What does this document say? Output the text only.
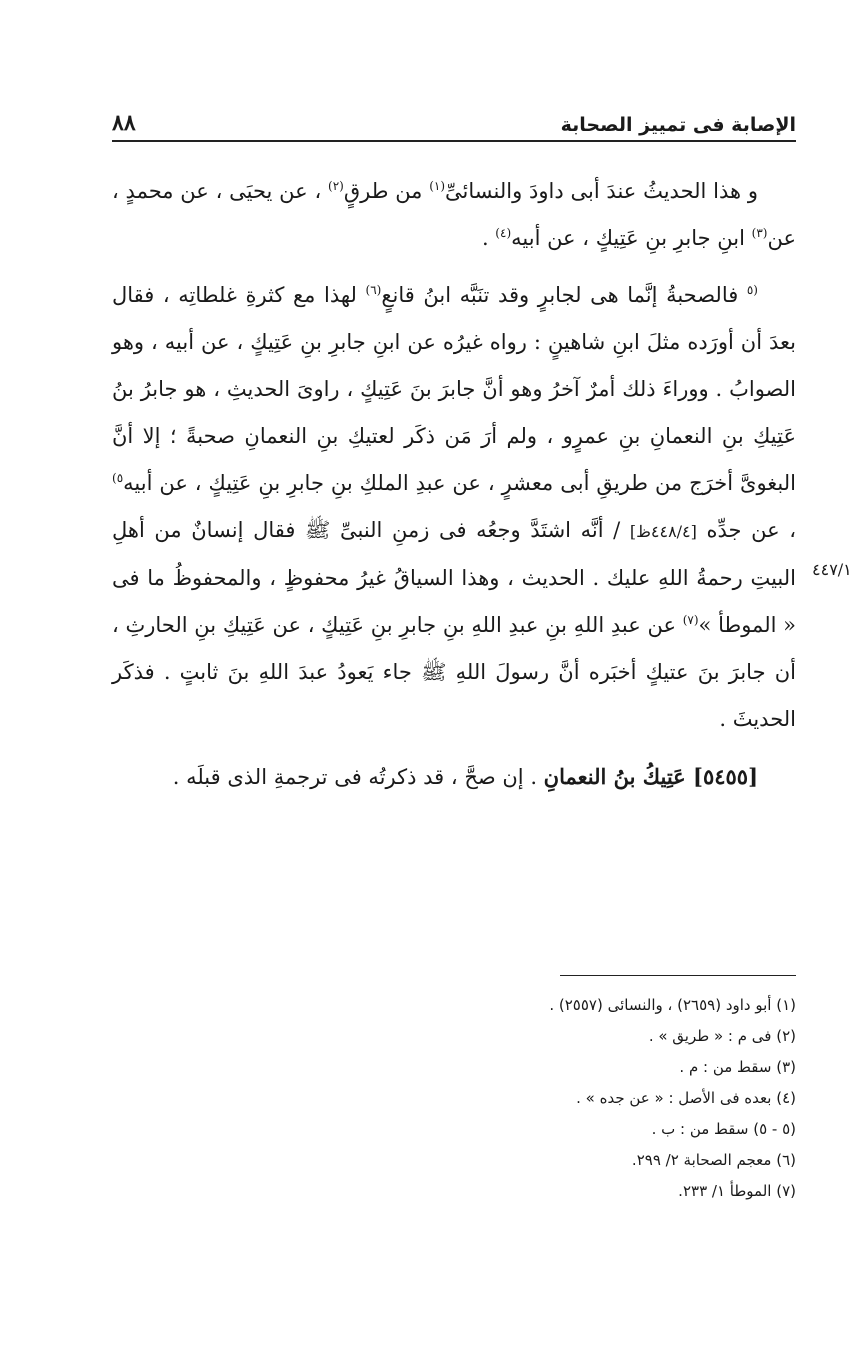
الإصابة فى تمييز الصحابة
٨٨

و هذا الحديثُ عندَ أبى داودَ والنسائىِّ$^{(١)}$ من طرقٍ$^{(٢)}$ ، عن يحيَى ، عن محمدٍ ، عن$^{(٣)}$ ابنِ جابرِ بنِ عَتِيكٍ ، عن أبيه$^{(٤)}$ .

$^{(٥}$ فالصحبةُ إنَّما هى لجابرٍ وقد تنَبَّه ابنُ قانعٍ$^{(٦)}$ لهذا مع كثرةِ غلطاتِه ، فقال بعدَ أن أورَده مثلَ ابنِ شاهينٍ : رواه غيرُه عن ابنِ جابرِ بنِ عَتِيكٍ ، عن أبيه ، وهو الصوابُ . ووراءَ ذلك أمرٌ آخرُ وهو أنَّ جابرَ بنَ عَتِيكٍ ، راوىَ الحديثِ ، هو جابرُ بنُ عَتِيكِ بنِ النعمانِ بنِ عمرٍو ، ولم أرَ مَن ذكَر لعتيكِ بنِ النعمانِ صحبةً ؛ إلا أنَّ البغوىَّ أخرَج من طريقِ أبى معشرٍ ، عن عبدِ الملكِ بنِ جابرِ بنِ عَتِيكٍ ، عن أبيه$^{٥)}$ ، عن جدِّه [٤٤٨/٤ظ] / أنَّه اشتَدَّ وجعُه فى زمنِ النبىِّ ﷺ فقال إنسانٌ من أهلِ البيتِ رحمةُ اللهِ عليك . الحديث ، وهذا السياقُ غيرُ محفوظٍ ، والمحفوظُ ما فى « الموطأ »$^{(٧)}$ عن عبدِ اللهِ بنِ عبدِ اللهِ بنِ جابرِ بنِ عَتِيكٍ ، عن عَتِيكِ بنِ الحارثِ ، أن جابرَ بنَ عتيكٍ أخبَره أنَّ رسولَ اللهِ ﷺ جاء يَعودُ عبدَ اللهِ بنَ ثابتٍ . فذكَر الحديثَ .

[٥٤٥٥] عَتِيكُ بنُ النعمانِ . إن صحَّ ، قد ذكرتُه فى ترجمةِ الذى قبلَه .

٤٤٧/١
(١) أبو داود (٢٦٥٩) ، والنسائى (٢٥٥٧) .
(٢) فى م : « طريق » .
(٣) سقط من : م .
(٤) بعده فى الأصل : « عن جده » .
(٥ - ٥) سقط من : ب .
(٦) معجم الصحابة ٢/ ٢٩٩.
(٧) الموطأ ١/ ٢٣٣.
